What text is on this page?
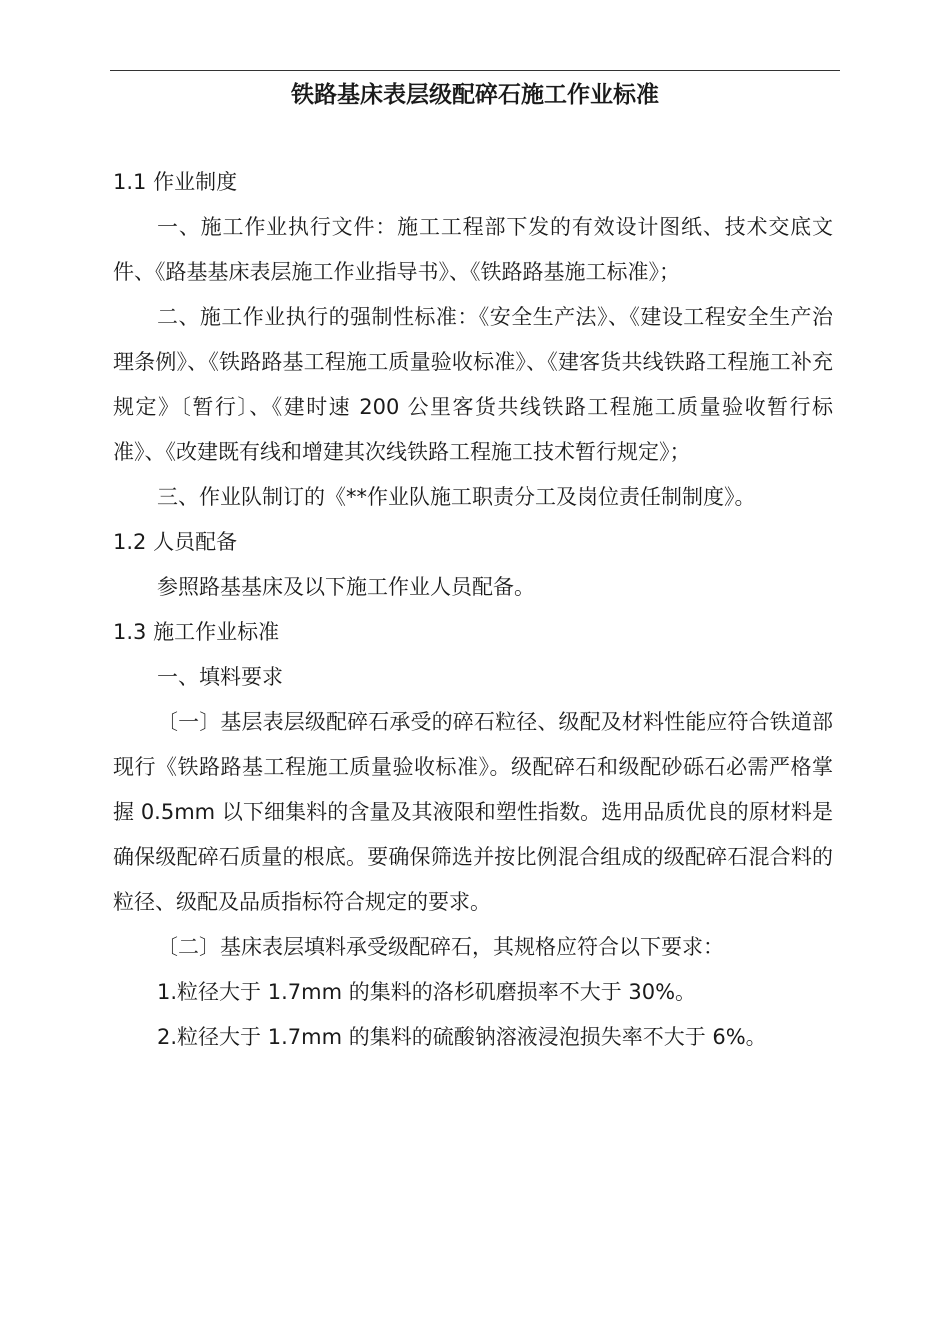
铁路基床表层级配碎石施工作业标准

1.1 作业制度

一、施工作业执行文件：施工工程部下发的有效设计图纸、技术交底文件、《路基基床表层施工作业指导书》、《铁路路基施工标准》；

二、施工作业执行的强制性标准：《安全生产法》、《建设工程安全生产治理条例》、《铁路路基工程施工质量验收标准》、《建客货共线铁路工程施工补充规定》〔暂行〕、《建时速 200 公里客货共线铁路工程施工质量验收暂行标准》、《改建既有线和增建其次线铁路工程施工技术暂行规定》；

三、作业队制订的《**作业队施工职责分工及岗位责任制制度》。

1.2 人员配备

参照路基基床及以下施工作业人员配备。

1.3 施工作业标准

一、填料要求

〔一〕基层表层级配碎石承受的碎石粒径、级配及材料性能应符合铁道部现行《铁路路基工程施工质量验收标准》。级配碎石和级配砂砾石必需严格掌握 0.5mm 以下细集料的含量及其液限和塑性指数。选用品质优良的原材料是确保级配碎石质量的根底。要确保筛选并按比例混合组成的级配碎石混合料的粒径、级配及品质指标符合规定的要求。

〔二〕基床表层填料承受级配碎石，其规格应符合以下要求：

1.粒径大于 1.7mm 的集料的洛杉矶磨损率不大于 30%。

2.粒径大于 1.7mm 的集料的硫酸钠溶液浸泡损失率不大于 6%。
